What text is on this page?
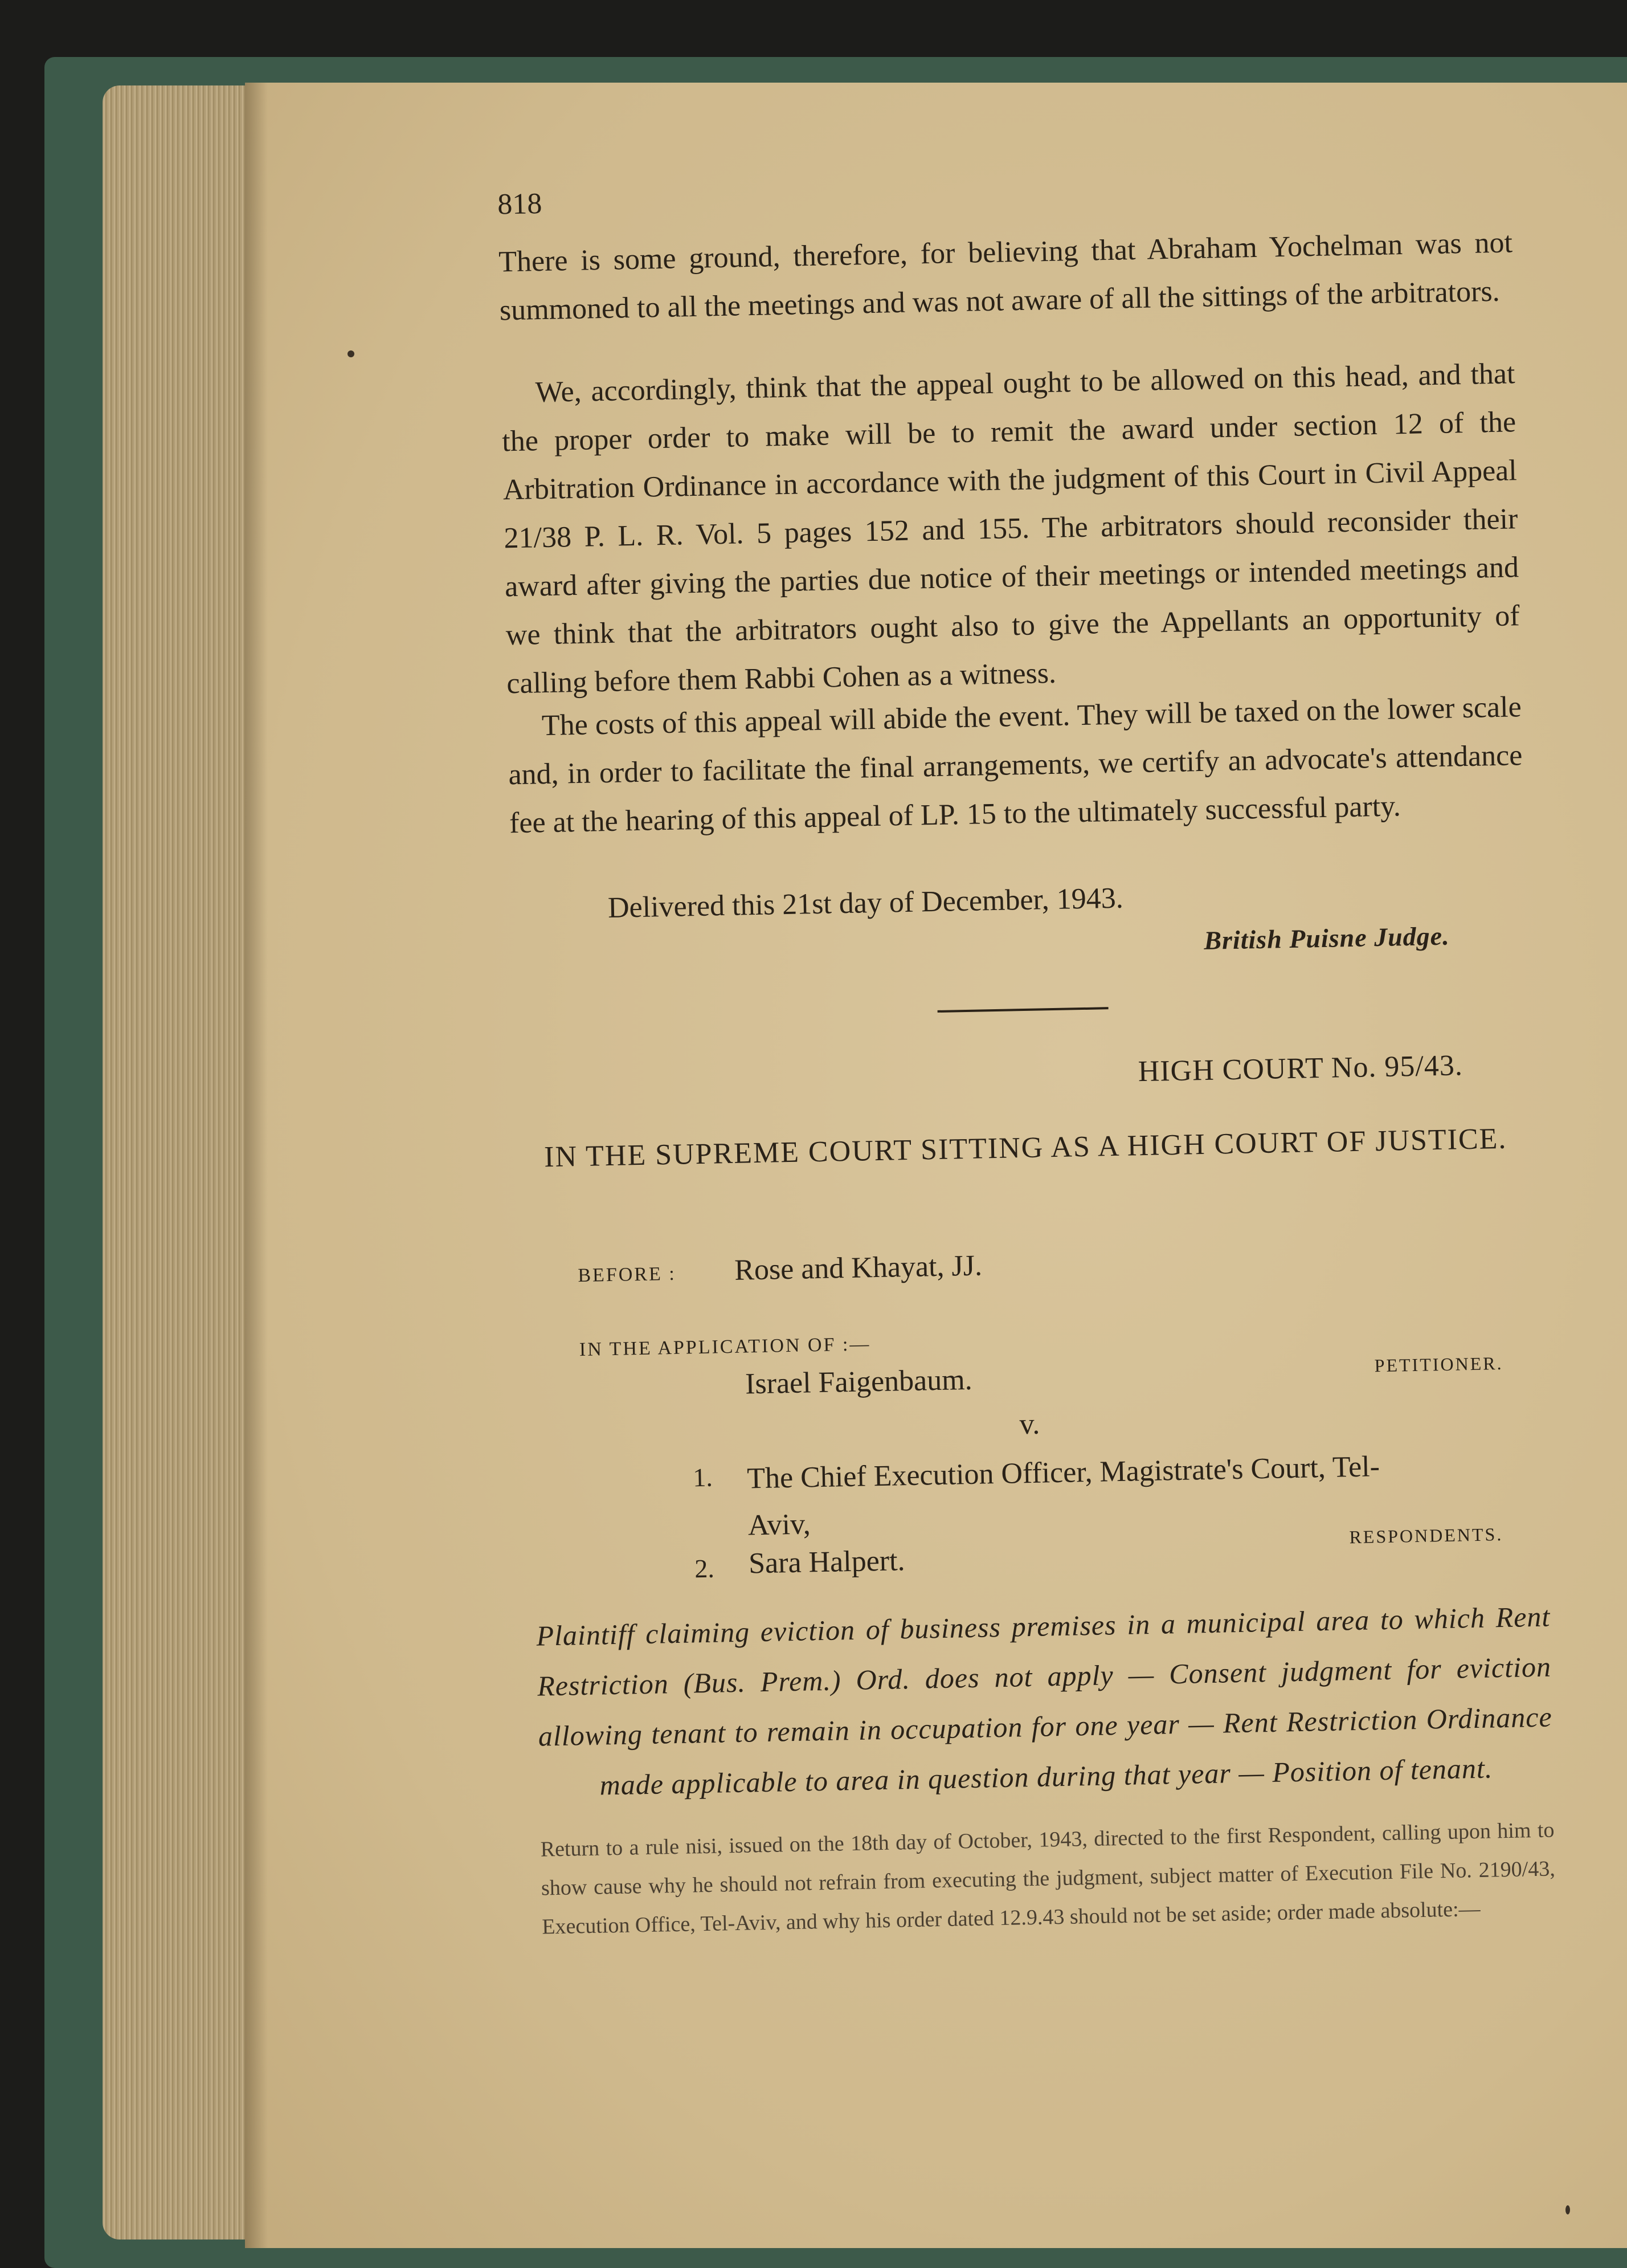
818

There is some ground, therefore, for believing that Abraham Yochelman was not summoned to all the meetings and was not aware of all the sittings of the arbitrators.

We, accordingly, think that the appeal ought to be allowed on this head, and that the proper order to make will be to remit the award under section 12 of the Arbitration Ordinance in accordance with the judgment of this Court in Civil Appeal 21/38 P. L. R. Vol. 5 pages 152 and 155. The arbitrators should reconsider their award after giving the parties due notice of their meetings or intended meetings and we think that the arbitrators ought also to give the Appellants an opportunity of calling before them Rabbi Cohen as a witness.

The costs of this appeal will abide the event. They will be taxed on the lower scale and, in order to facilitate the final arrangements, we certify an advocate's attendance fee at the hearing of this appeal of LP. 15 to the ultimately successful party.

Delivered this 21st day of December, 1943.
British Puisne Judge.
HIGH COURT No. 95/43.
IN THE SUPREME COURT SITTING AS A HIGH COURT OF JUSTICE.
BEFORE : Rose and Khayat, JJ.
IN THE APPLICATION OF :—
Israel Faigenbaum.	PETITIONER.
v.
1. The Chief Execution Officer, Magistrate's Court, Tel-Aviv,
2. Sara Halpert.
RESPONDENTS.

Plaintiff claiming eviction of business premises in a municipal area to which Rent Restriction (Bus. Prem.) Ord. does not apply — Consent judgment for eviction allowing tenant to remain in occupation for one year — Rent Restriction Ordinance made applicable to area in question during that year — Position of tenant.

Return to a rule nisi, issued on the 18th day of October, 1943, directed to the first Respondent, calling upon him to show cause why he should not refrain from executing the judgment, subject matter of Execution File No. 2190/43, Execution Office, Tel-Aviv, and why his order dated 12.9.43 should not be set aside; order made absolute:—
